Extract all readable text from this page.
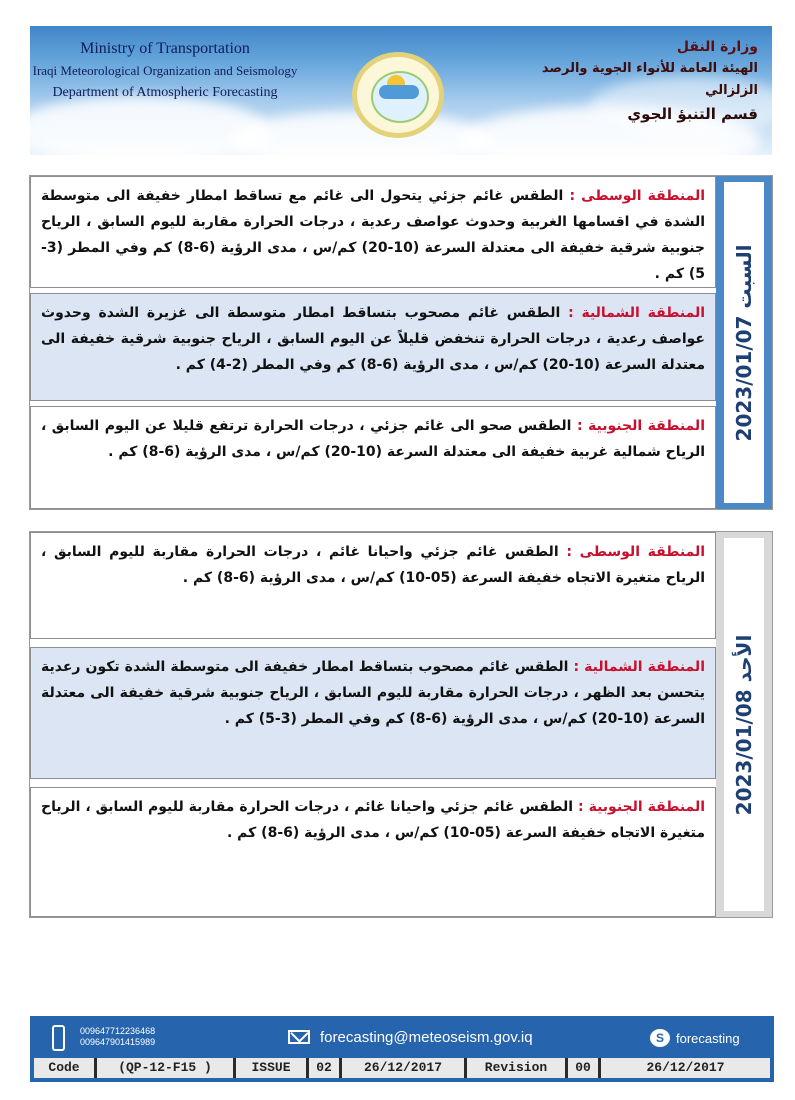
Ministry of Transportation
Iraqi Meteorological Organization and Seismology
Department of Atmospheric Forecasting
وزارة النقل
الهيئة العامة للأنواء الجوية والرصد الزلزالي
قسم التنبؤ الجوي

المنطقة الوسطى : الطقس غائم جزئي يتحول الى غائم مع تساقط امطار خفيفة الى متوسطة الشدة في اقسامها الغربية وحدوث عواصف رعدية ، درجات الحرارة مقاربة لليوم السابق ، الرياح جنوبية شرقية خفيفة الى معتدلة السرعة (10-20) كم/س ، مدى الرؤية (6-8) كم وفي المطر (3-5) كم .

المنطقة الشمالية : الطقس غائم مصحوب بتساقط امطار متوسطة الى غزيرة الشدة وحدوث عواصف رعدية ، درجات الحرارة تنخفض قليلاً عن اليوم السابق ، الرياح جنوبية شرقية خفيفة الى معتدلة السرعة (10-20) كم/س ، مدى الرؤية (6-8) كم وفي المطر (2-4) كم .

المنطقة الجنوبية : الطقس صحو الى غائم جزئي ، درجات الحرارة ترتفع قليلا عن اليوم السابق ، الرياح شمالية غربية خفيفة الى معتدلة السرعة (10-20) كم/س ، مدى الرؤية (6-8) كم .

السبت 2023/01/07

المنطقة الوسطى : الطقس غائم جزئي واحيانا غائم ، درجات الحرارة مقاربة لليوم السابق ، الرياح متغيرة الاتجاه خفيفة السرعة (05-10) كم/س ، مدى الرؤية (6-8) كم .

المنطقة الشمالية : الطقس غائم مصحوب بتساقط امطار خفيفة الى متوسطة الشدة تكون رعدية يتحسن بعد الظهر ، درجات الحرارة مقاربة لليوم السابق ، الرياح جنوبية شرقية خفيفة الى معتدلة السرعة (10-20) كم/س ، مدى الرؤية (6-8) كم وفي المطر (3-5) كم .

المنطقة الجنوبية : الطقس غائم جزئي واحيانا غائم ، درجات الحرارة مقاربة لليوم السابق ، الرياح متغيرة الاتجاه خفيفة السرعة (05-10) كم/س ، مدى الرؤية (6-8) كم .

الأحد 2023/01/08
009647712236468
009647901415989	forecasting@meteoseism.gov.iq	S forecasting
Code	(QP-12-F15 )	ISSUE	02	26/12/2017	Revision	00	26/12/2017
